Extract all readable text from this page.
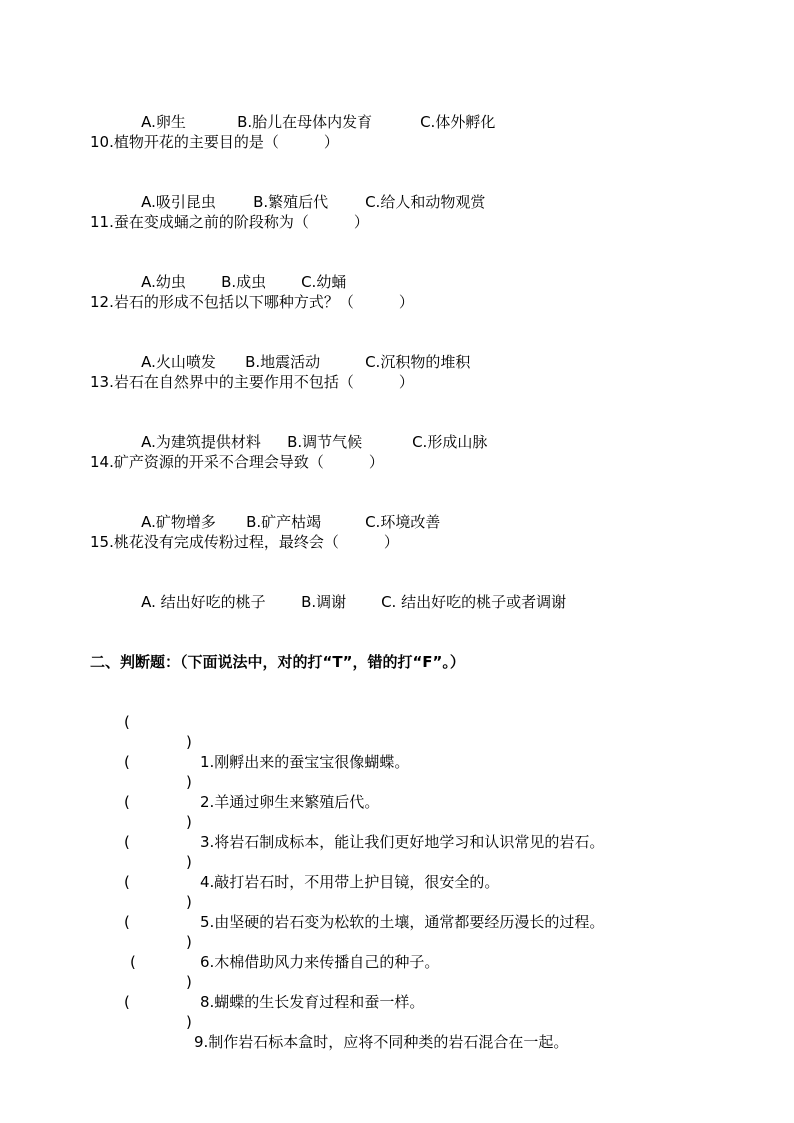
A.卵生	B.胎儿在母体内发育	C.体外孵化

10.植物开花的主要目的是（　　　）

A.吸引昆虫 B.繁殖后代 C.给人和动物观赏

11.蚕在变成蛹之前的阶段称为（　　　）

A.幼虫 B.成虫 C.幼蛹

12.岩石的形成不包括以下哪种方式？（　　　）

A.火山喷发 B.地震活动	C.沉积物的堆积

13.岩石在自然界中的主要作用不包括（　　　）

A.为建筑提供材料 B.调节气候	C.形成山脉

14.矿产资源的开采不合理会导致（　　　）

A.矿物增多 B.矿产枯竭	C.环境改善

15.桃花没有完成传粉过程，最终会（　　　）

A. 结出好吃的桃子 B.调谢 C. 结出好吃的桃子或者调谢

二、判断题：（下面说法中，对的打“T”，错的打“F”。）

(

)

1.刚孵出来的蚕宝宝很像蝴蝶。

(

)

2.羊通过卵生来繁殖后代。

(

)

3.将岩石制成标本，能让我们更好地学习和认识常见的岩石。

(

)

4.敲打岩石时，不用带上护目镜，很安全的。

(

)

5.由坚硬的岩石变为松软的土壤，通常都要经历漫长的过程。

(

)

6.木棉借助风力来传播自己的种子。

(

)

8.蝴蝶的生长发育过程和蚕一样。

(

)

9.制作岩石标本盒时，应将不同种类的岩石混合在一起。
